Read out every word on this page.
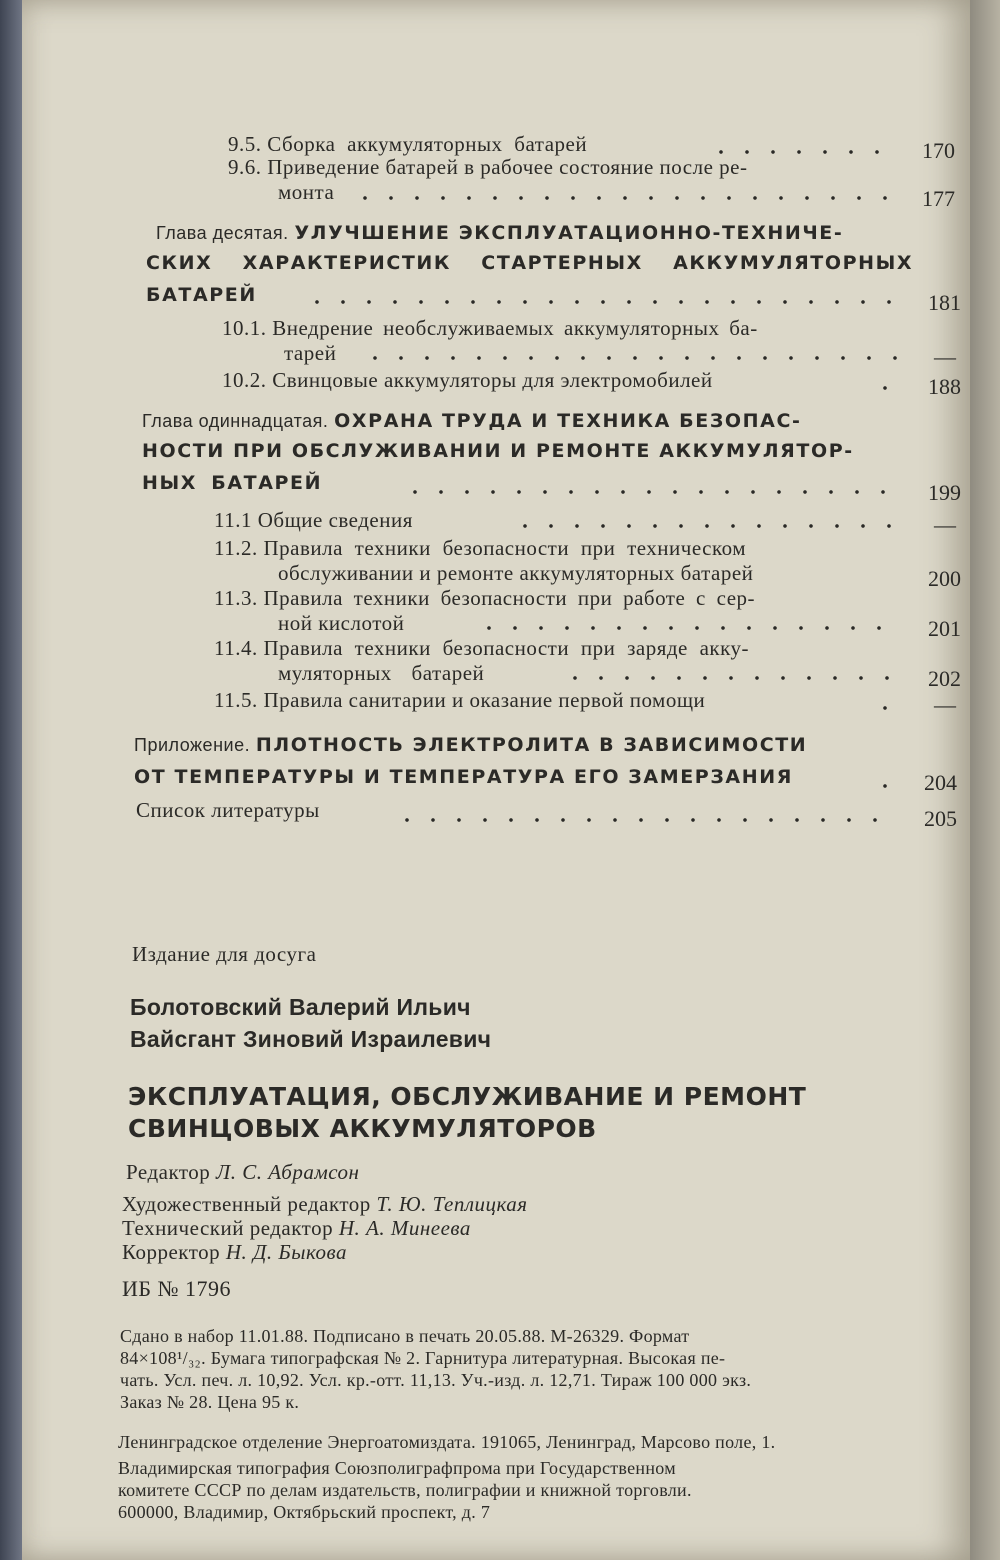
9.5. Сборка аккумуляторных батарей	170
9.6. Приведение батарей в рабочее состояние после ре-
монта	177
Глава десятая. УЛУЧШЕНИЕ ЭКСПЛУАТАЦИОННО-ТЕХНИЧЕ-
СКИХ ХАРАКТЕРИСТИК СТАРТЕРНЫХ АККУМУЛЯТОРНЫХ
БАТАРЕЙ	181
10.1. Внедрение необслуживаемых аккумуляторных ба-
тарей	—
10.2. Свинцовые аккумуляторы для электромобилей	188
Глава одиннадцатая. ОХРАНА ТРУДА И ТЕХНИКА БЕЗОПАС-
НОСТИ ПРИ ОБСЛУЖИВАНИИ И РЕМОНТЕ АККУМУЛЯТОР-
НЫХ БАТАРЕЙ	199
11.1 Общие сведения	—
11.2. Правила техники безопасности при техническом
обслуживании и ремонте аккумуляторных батарей	200
11.3. Правила техники безопасности при работе с сер-
ной кислотой	201
11.4. Правила техники безопасности при заряде акку-
муляторных батарей	202
11.5. Правила санитарии и оказание первой помощи	—
Приложение. ПЛОТНОСТЬ ЭЛЕКТРОЛИТА В ЗАВИСИМОСТИ
ОТ ТЕМПЕРАТУРЫ И ТЕМПЕРАТУРА ЕГО ЗАМЕРЗАНИЯ	204
Список литературы	205
Издание для досуга
Болотовский Валерий Ильич
Вайсгант Зиновий Израилевич
ЭКСПЛУАТАЦИЯ, ОБСЛУЖИВАНИЕ И РЕМОНТ
СВИНЦОВЫХ АККУМУЛЯТОРОВ
Редактор Л. С. Абрамсон
Художественный редактор Т. Ю. Теплицкая
Технический редактор Н. А. Минеева
Корректор Н. Д. Быкова
ИБ № 1796
Сдано в набор 11.01.88. Подписано в печать 20.05.88. М-26329. Формат
84×108¹/₃₂. Бумага типографская № 2. Гарнитура литературная. Высокая пе-
чать. Усл. печ. л. 10,92. Усл. кр.-отт. 11,13. Уч.-изд. л. 12,71. Тираж 100 000 экз.
Заказ № 28. Цена 95 к.
Ленинградское отделение Энергоатомиздата. 191065, Ленинград, Марсово поле, 1.
Владимирская типография Союзполиграфпрома при Государственном
комитете СССР по делам издательств, полиграфии и книжной торговли.
600000, Владимир, Октябрьский проспект, д. 7
